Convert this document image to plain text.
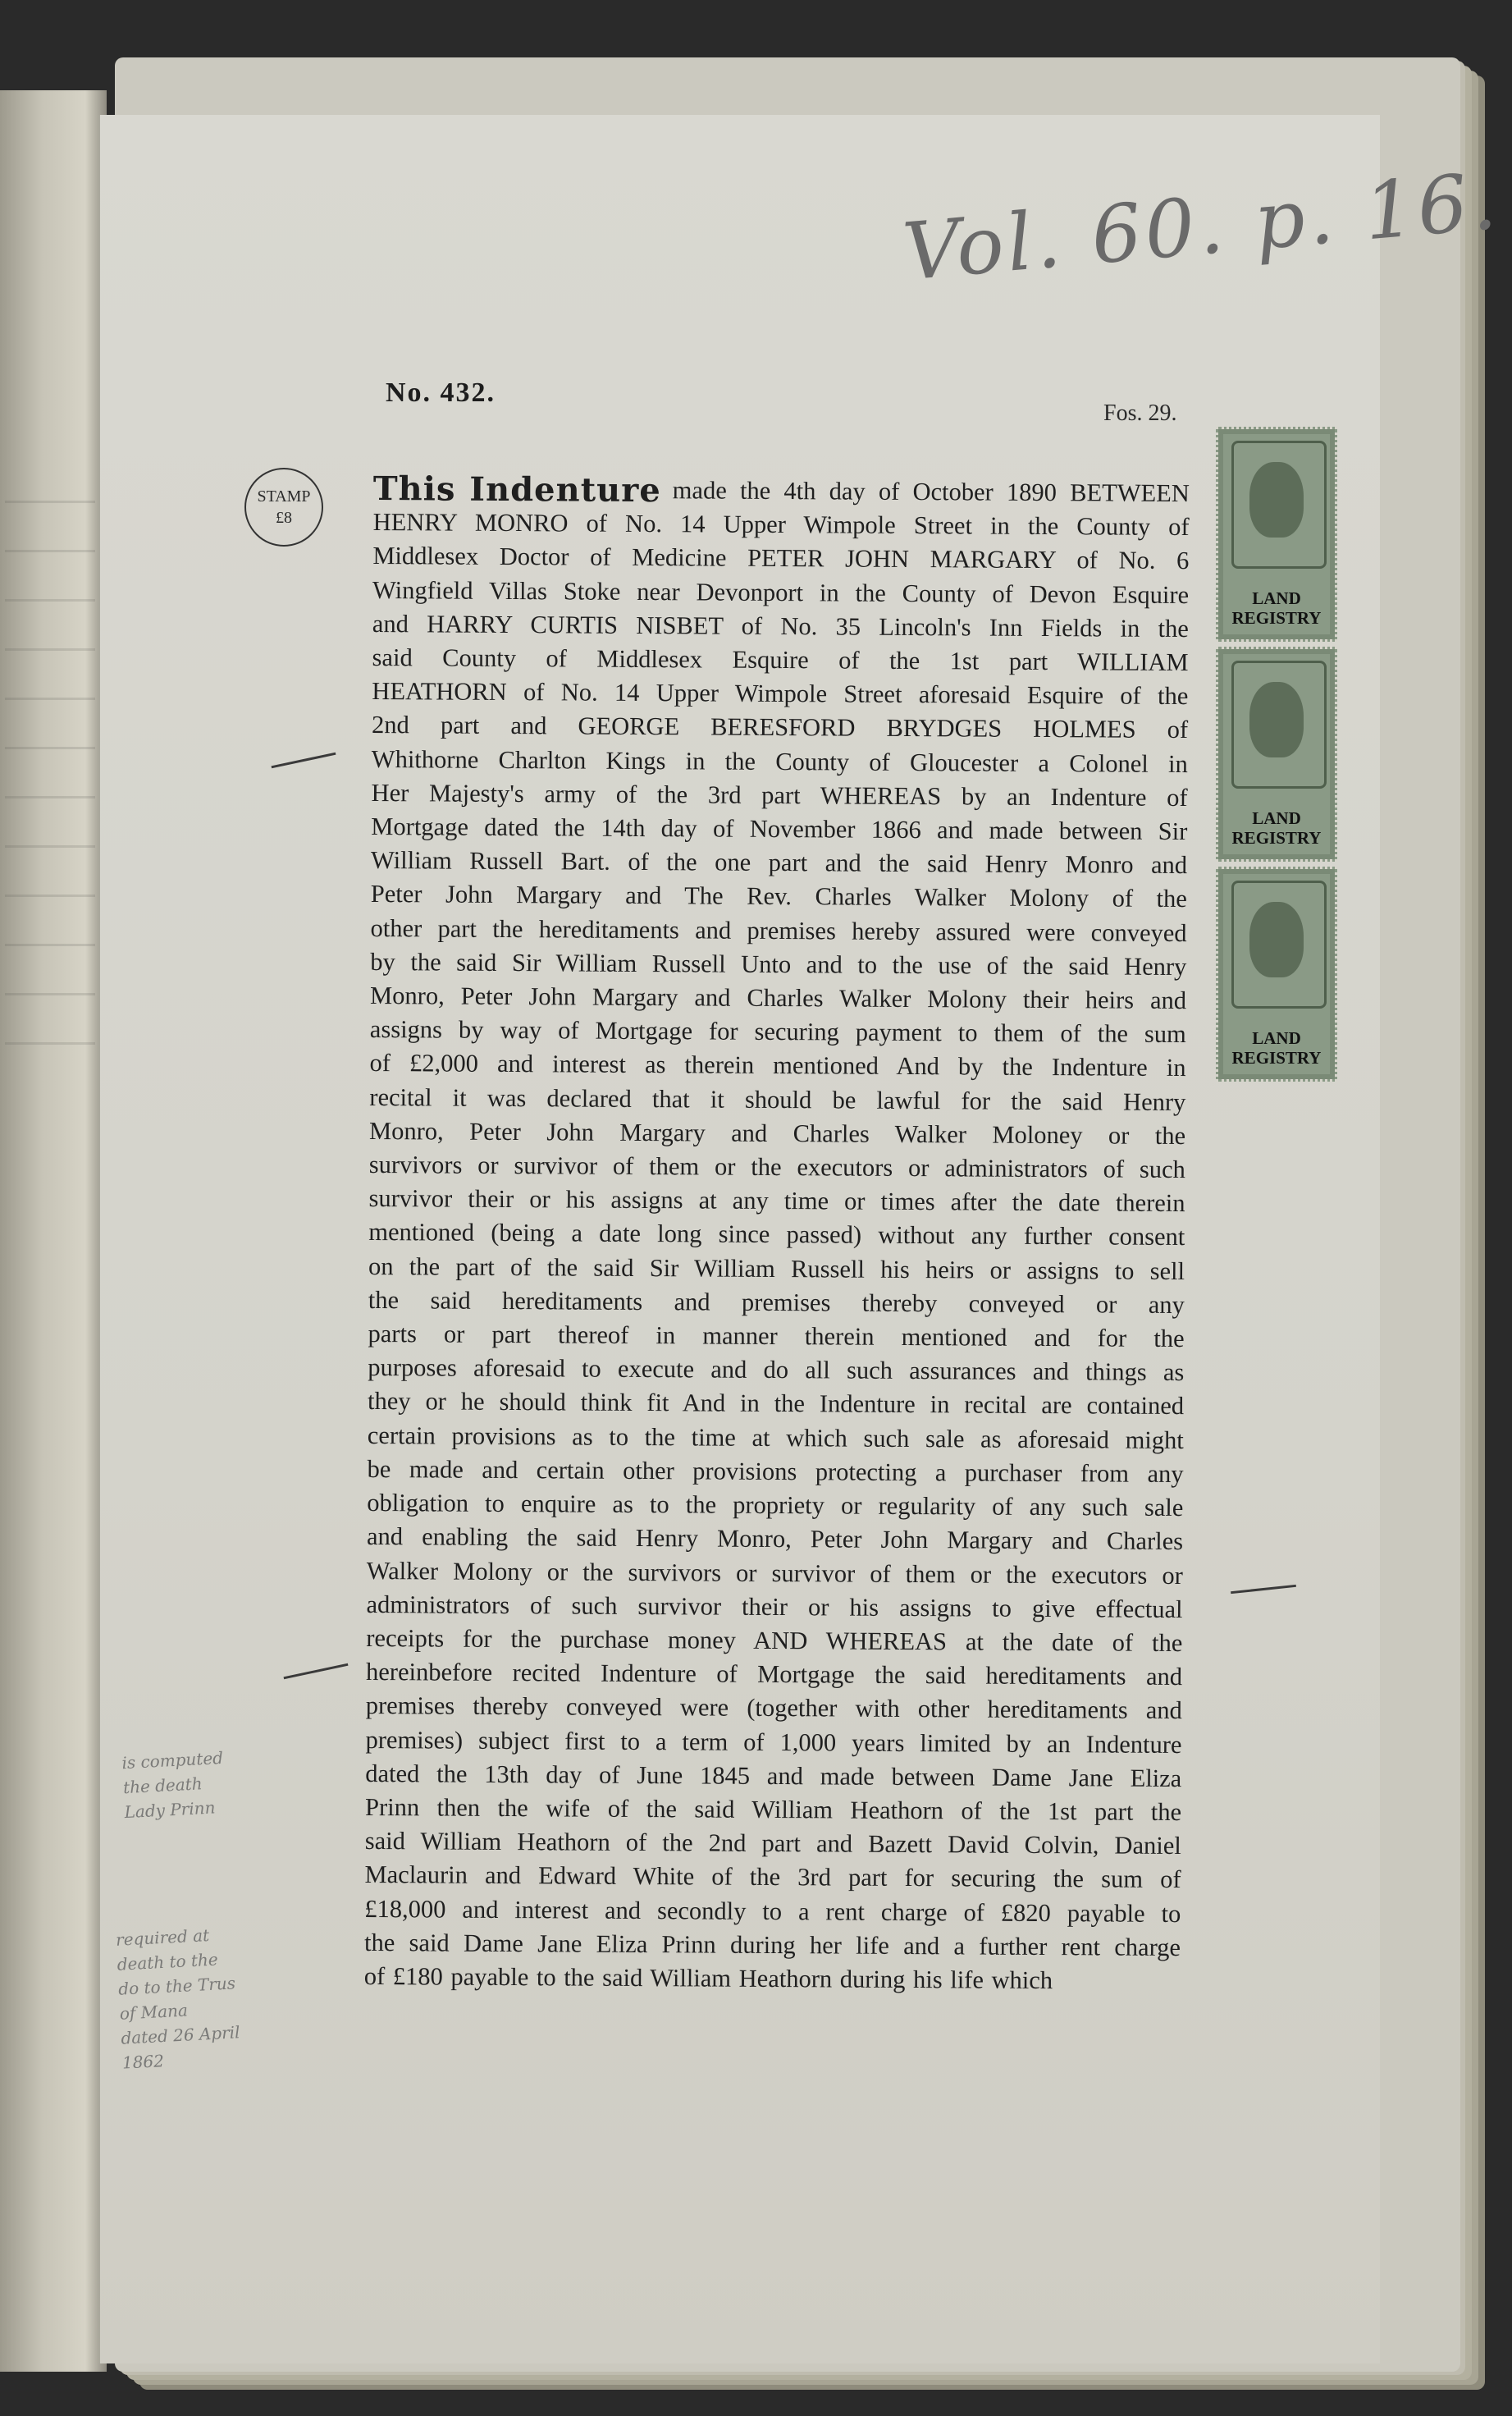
Vol. 60. p. 16.
No. 432.
Fos. 29.
STAMP
£8
is computed
the death
Lady Prinn
required at
death to the
do to the Trus
of Mana
dated 26 April
1862
This Indenture made the 4th day of October 1890 BETWEEN
HENRY MONRO of No. 14 Upper Wimpole Street in the County of
Middlesex Doctor of Medicine PETER JOHN MARGARY of No. 6
Wingfield Villas Stoke near Devonport in the County of Devon Esquire
and HARRY CURTIS NISBET of No. 35 Lincoln's Inn Fields in the
said County of Middlesex Esquire of the 1st part WILLIAM
HEATHORN of No. 14 Upper Wimpole Street aforesaid Esquire of the
2nd part and GEORGE BERESFORD BRYDGES HOLMES of
Whithorne Charlton Kings in the County of Gloucester a Colonel in
Her Majesty's army of the 3rd part WHEREAS by an Indenture of
Mortgage dated the 14th day of November 1866 and made between Sir
William Russell Bart. of the one part and the said Henry Monro and
Peter John Margary and The Rev. Charles Walker Molony of the
other part the hereditaments and premises hereby assured were conveyed
by the said Sir William Russell Unto and to the use of the said Henry
Monro, Peter John Margary and Charles Walker Molony their heirs and
assigns by way of Mortgage for securing payment to them of the sum
of £2,000 and interest as therein mentioned And by the Indenture in
recital it was declared that it should be lawful for the said Henry
Monro, Peter John Margary and Charles Walker Moloney or the
survivors or survivor of them or the executors or administrators of such
survivor their or his assigns at any time or times after the date therein
mentioned (being a date long since passed) without any further consent
on the part of the said Sir William Russell his heirs or assigns to sell
the said hereditaments and premises thereby conveyed or any
parts or part thereof in manner therein mentioned and for the
purposes aforesaid to execute and do all such assurances and things as
they or he should think fit And in the Indenture in recital are contained
certain provisions as to the time at which such sale as aforesaid might
be made and certain other provisions protecting a purchaser from any
obligation to enquire as to the propriety or regularity of any such sale
and enabling the said Henry Monro, Peter John Margary and Charles
Walker Molony or the survivors or survivor of them or the executors or
administrators of such survivor their or his assigns to give effectual
receipts for the purchase money AND WHEREAS at the date of the
hereinbefore recited Indenture of Mortgage the said hereditaments and
premises thereby conveyed were (together with other hereditaments and
premises) subject first to a term of 1,000 years limited by an Indenture
dated the 13th day of June 1845 and made between Dame Jane Eliza
Prinn then the wife of the said William Heathorn of the 1st part the
said William Heathorn of the 2nd part and Bazett David Colvin, Daniel
Maclaurin and Edward White of the 3rd part for securing the sum of
£18,000 and interest and secondly to a rent charge of £820 payable to
the said Dame Jane Eliza Prinn during her life and a further rent charge
of £180 payable to the said William Heathorn during his life which
LAND
REGISTRY
LAND
REGISTRY
LAND
REGISTRY
